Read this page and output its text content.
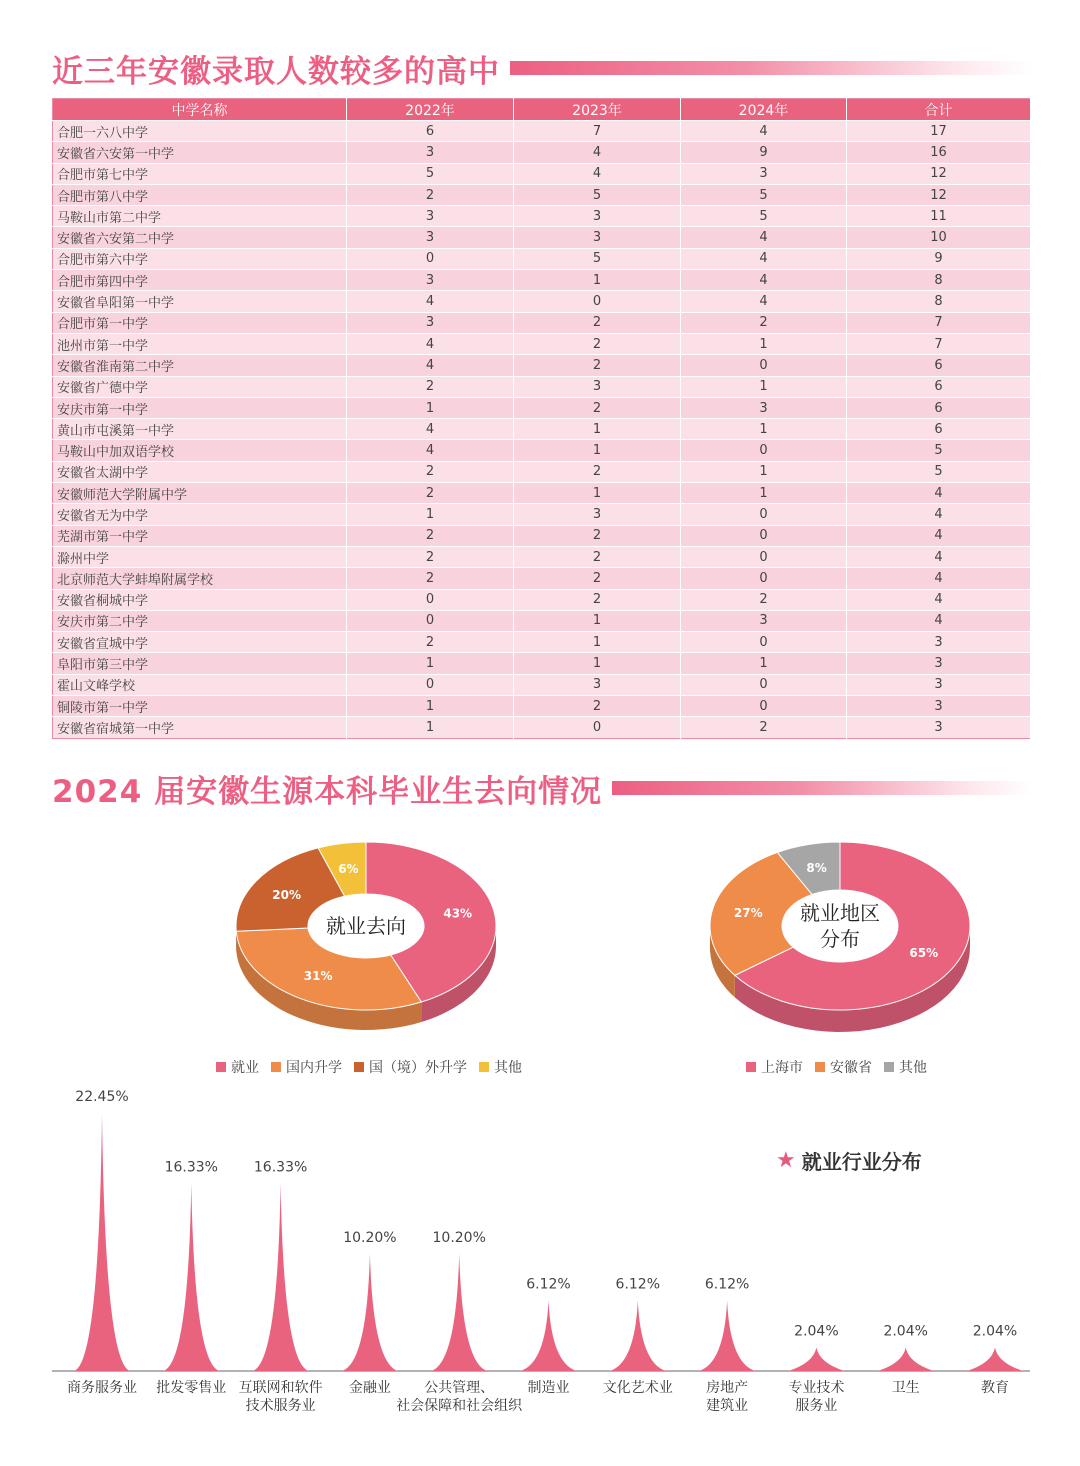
近三年安徽录取人数较多的高中
中学名称	2022年	2023年	2024年	合计
合肥一六八中学	6	7	4	17
安徽省六安第一中学	3	4	9	16
合肥市第七中学	5	4	3	12
合肥市第八中学	2	5	5	12
马鞍山市第二中学	3	3	5	11
安徽省六安第二中学	3	3	4	10
合肥市第六中学	0	5	4	9
合肥市第四中学	3	1	4	8
安徽省阜阳第一中学	4	0	4	8
合肥市第一中学	3	2	2	7
池州市第一中学	4	2	1	7
安徽省淮南第二中学	4	2	0	6
安徽省广德中学	2	3	1	6
安庆市第一中学	1	2	3	6
黄山市屯溪第一中学	4	1	1	6
马鞍山中加双语学校	4	1	0	5
安徽省太湖中学	2	2	1	5
安徽师范大学附属中学	2	1	1	4
安徽省无为中学	1	3	0	4
芜湖市第一中学	2	2	0	4
滁州中学	2	2	0	4
北京师范大学蚌埠附属学校	2	2	0	4
安徽省桐城中学	0	2	2	4
安庆市第二中学	0	1	3	4
安徽省宣城中学	2	1	0	3
阜阳市第三中学	1	1	1	3
霍山文峰学校	0	3	0	3
铜陵市第一中学	1	2	0	3
安徽省宿城第一中学	1	0	2	3
2024 届安徽生源本科毕业生去向情况
43%
31%
20%
6%
就业去向
65%
27%
8%
就业地区
分布
22.45%
商务服务业
16.33%
批发零售业
16.33%
互联网和软件
技术服务业
10.20%
金融业
10.20%
公共管理、
社会保障和社会组织
6.12%
制造业
6.12%
文化艺术业
6.12%
房地产
建筑业
2.04%
专业技术
服务业
2.04%
卫生
2.04%
教育
就业 国内升学 国（境）外升学 其他	上海市 安徽省 其他
★ 就业行业分布
